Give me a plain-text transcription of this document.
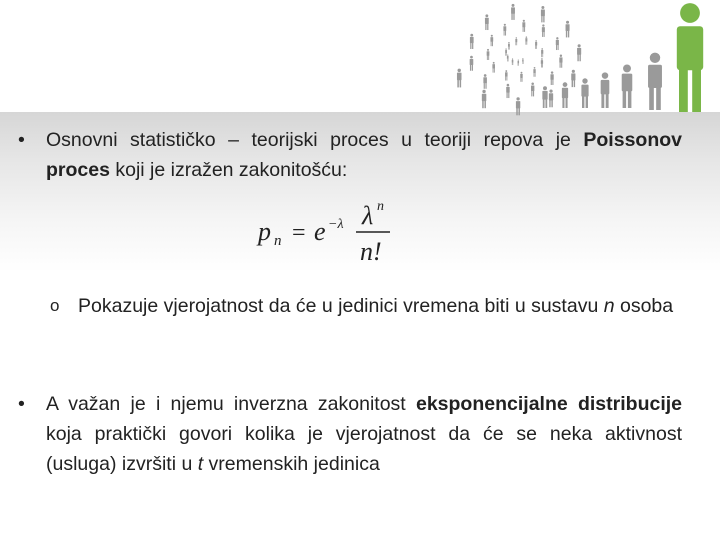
• Osnovni statističko – teorijski proces u teoriji repova je Poissonov proces koji je izražen zakonitošću:
p n = e −λ λ n
n!
o Pokazuje vjerojatnost da će u jedinici vremena biti u sustavu n osoba
• A važan je i njemu inverzna zakonitost eksponencijalne distribucije koja praktički govori kolika je vjerojatnost da će se neka aktivnost (usluga) izvršiti u t vremenskih jedinica
